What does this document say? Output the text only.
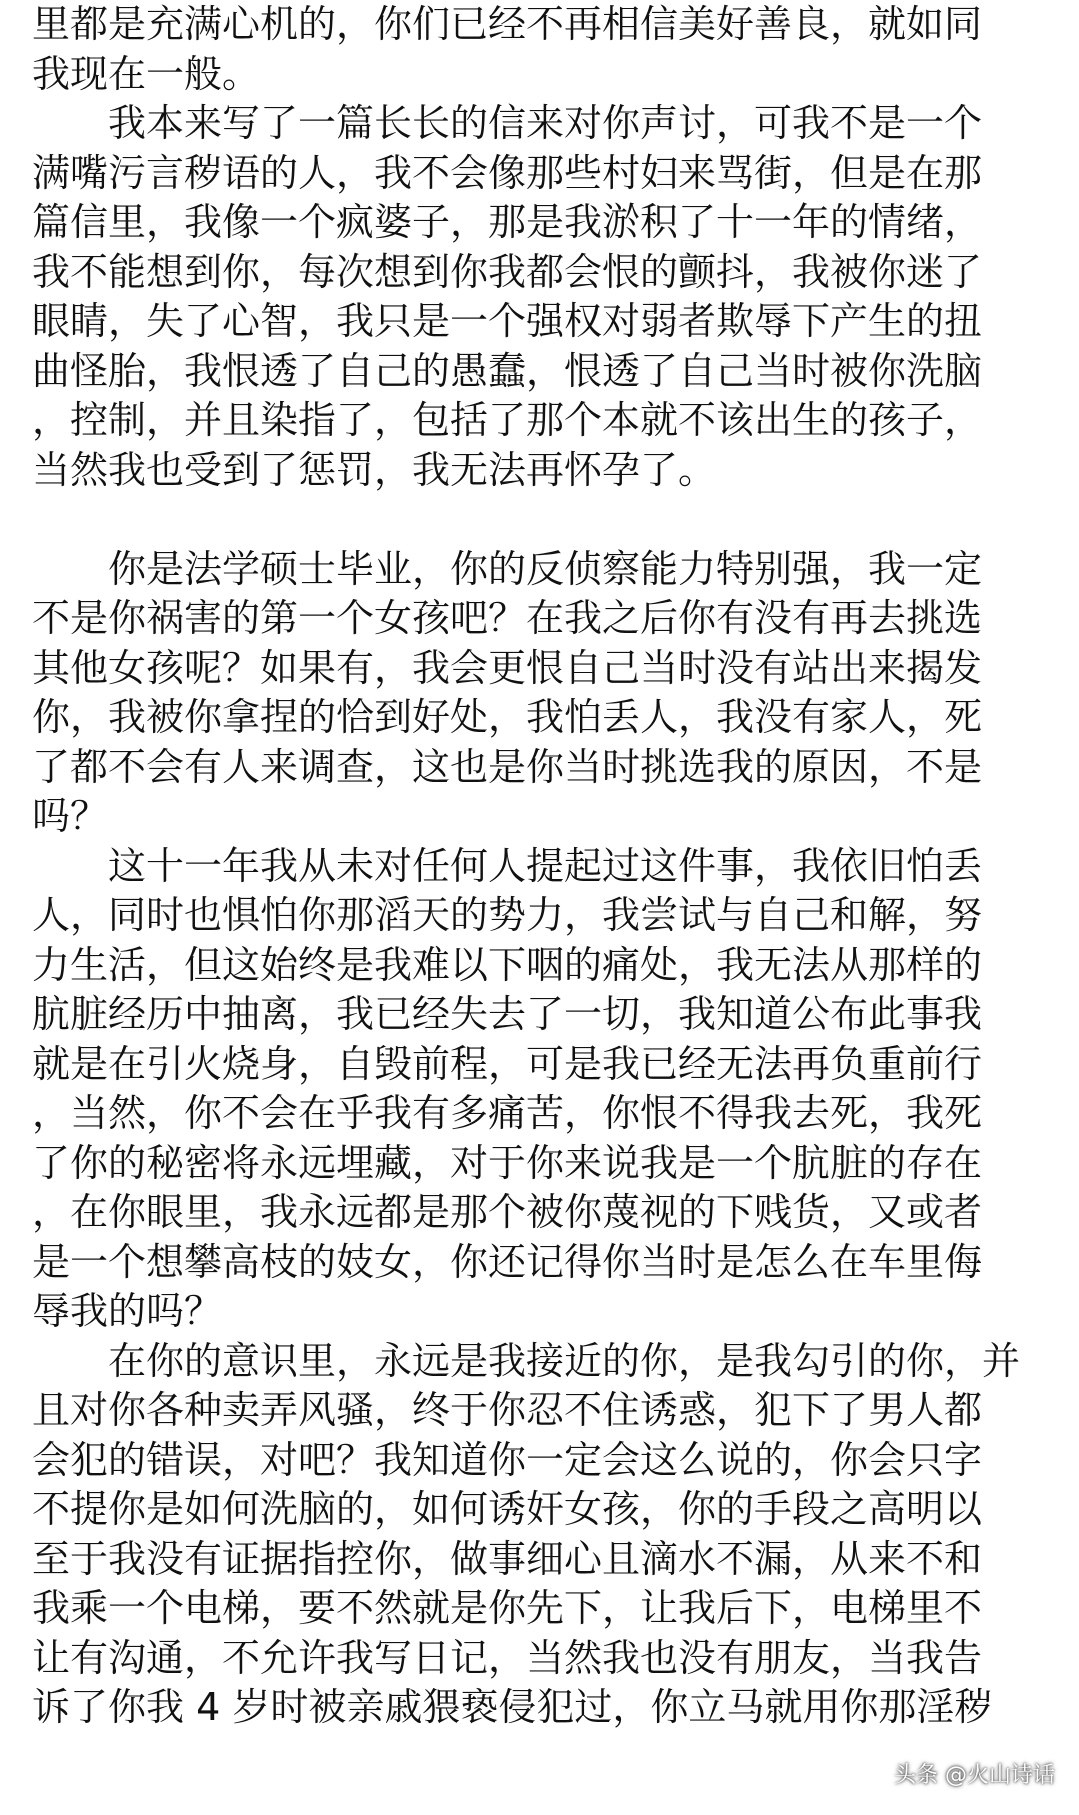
里都是充满心机的，你们已经不再相信美好善良，就如同
我现在一般。
　　我本来写了一篇长长的信来对你声讨，可我不是一个
满嘴污言秽语的人，我不会像那些村妇来骂街，但是在那
篇信里，我像一个疯婆子，那是我淤积了十一年的情绪，
我不能想到你，每次想到你我都会恨的颤抖，我被你迷了
眼睛，失了心智，我只是一个强权对弱者欺辱下产生的扭
曲怪胎，我恨透了自己的愚蠢，恨透了自己当时被你洗脑
，控制，并且染指了，包括了那个本就不该出生的孩子，
当然我也受到了惩罚，我无法再怀孕了。
　　你是法学硕士毕业，你的反侦察能力特别强，我一定
不是你祸害的第一个女孩吧？在我之后你有没有再去挑选
其他女孩呢？如果有，我会更恨自己当时没有站出来揭发
你，我被你拿捏的恰到好处，我怕丢人，我没有家人，死
了都不会有人来调查，这也是你当时挑选我的原因，不是
吗？
　　这十一年我从未对任何人提起过这件事，我依旧怕丢
人，同时也惧怕你那滔天的势力，我尝试与自己和解，努
力生活，但这始终是我难以下咽的痛处，我无法从那样的
肮脏经历中抽离，我已经失去了一切，我知道公布此事我
就是在引火烧身，自毁前程，可是我已经无法再负重前行
，当然，你不会在乎我有多痛苦，你恨不得我去死，我死
了你的秘密将永远埋藏，对于你来说我是一个肮脏的存在
，在你眼里，我永远都是那个被你蔑视的下贱货，又或者
是一个想攀高枝的妓女，你还记得你当时是怎么在车里侮
辱我的吗？
　　在你的意识里，永远是我接近的你，是我勾引的你，并
且对你各种卖弄风骚，终于你忍不住诱惑，犯下了男人都
会犯的错误，对吧？我知道你一定会这么说的，你会只字
不提你是如何洗脑的，如何诱奸女孩，你的手段之高明以
至于我没有证据指控你，做事细心且滴水不漏，从来不和
我乘一个电梯，要不然就是你先下，让我后下，电梯里不
让有沟通，不允许我写日记，当然我也没有朋友，当我告
诉了你我 4 岁时被亲戚猥亵侵犯过，你立马就用你那淫秽
头条 @火山诗话
